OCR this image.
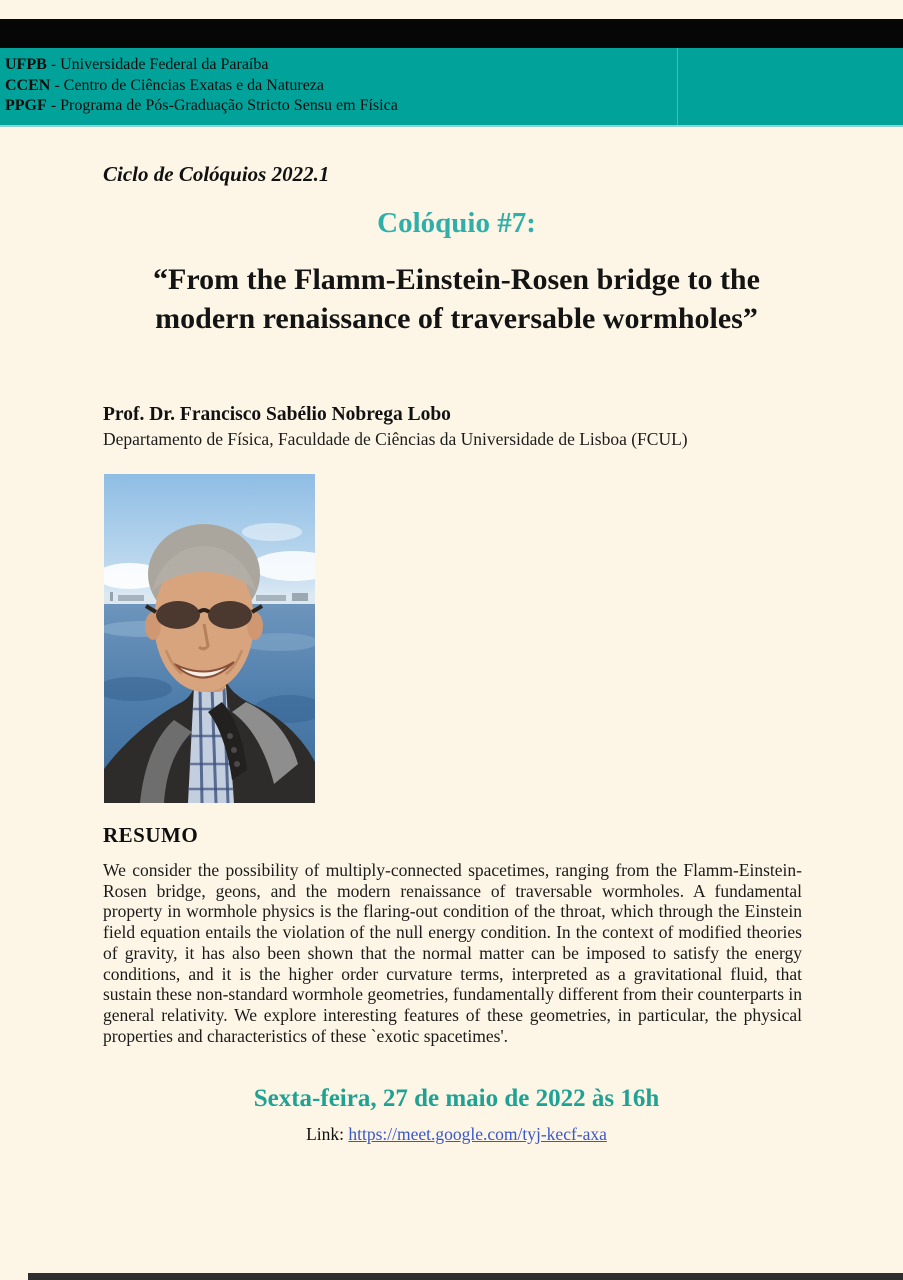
UFPB - Universidade Federal da Paraíba
CCEN - Centro de Ciências Exatas e da Natureza
PPGF - Programa de Pós-Graduação Stricto Sensu em Física
Ciclo de Colóquios 2022.1
Colóquio #7:
“From the Flamm-Einstein-Rosen bridge to the modern renaissance of traversable wormholes”
Prof. Dr. Francisco Sabélio Nobrega Lobo
Departamento de Física, Faculdade de Ciências da Universidade de Lisboa (FCUL)
RESUMO
We consider the possibility of multiply-connected spacetimes, ranging from the Flamm-Einstein-Rosen bridge, geons, and the modern renaissance of traversable wormholes. A fundamental property in wormhole physics is the flaring-out condition of the throat, which through the Einstein field equation entails the violation of the null energy condition. In the context of modified theories of gravity, it has also been shown that the normal matter can be imposed to satisfy the energy conditions, and it is the higher order curvature terms, interpreted as a gravitational fluid, that sustain these non-standard wormhole geometries, fundamentally different from their counterparts in general relativity. We explore interesting features of these geometries, in particular, the physical properties and characteristics of these `exotic spacetimes'.
Sexta-feira, 27 de maio de 2022 às 16h
Link: https://meet.google.com/tyj-kecf-axa
